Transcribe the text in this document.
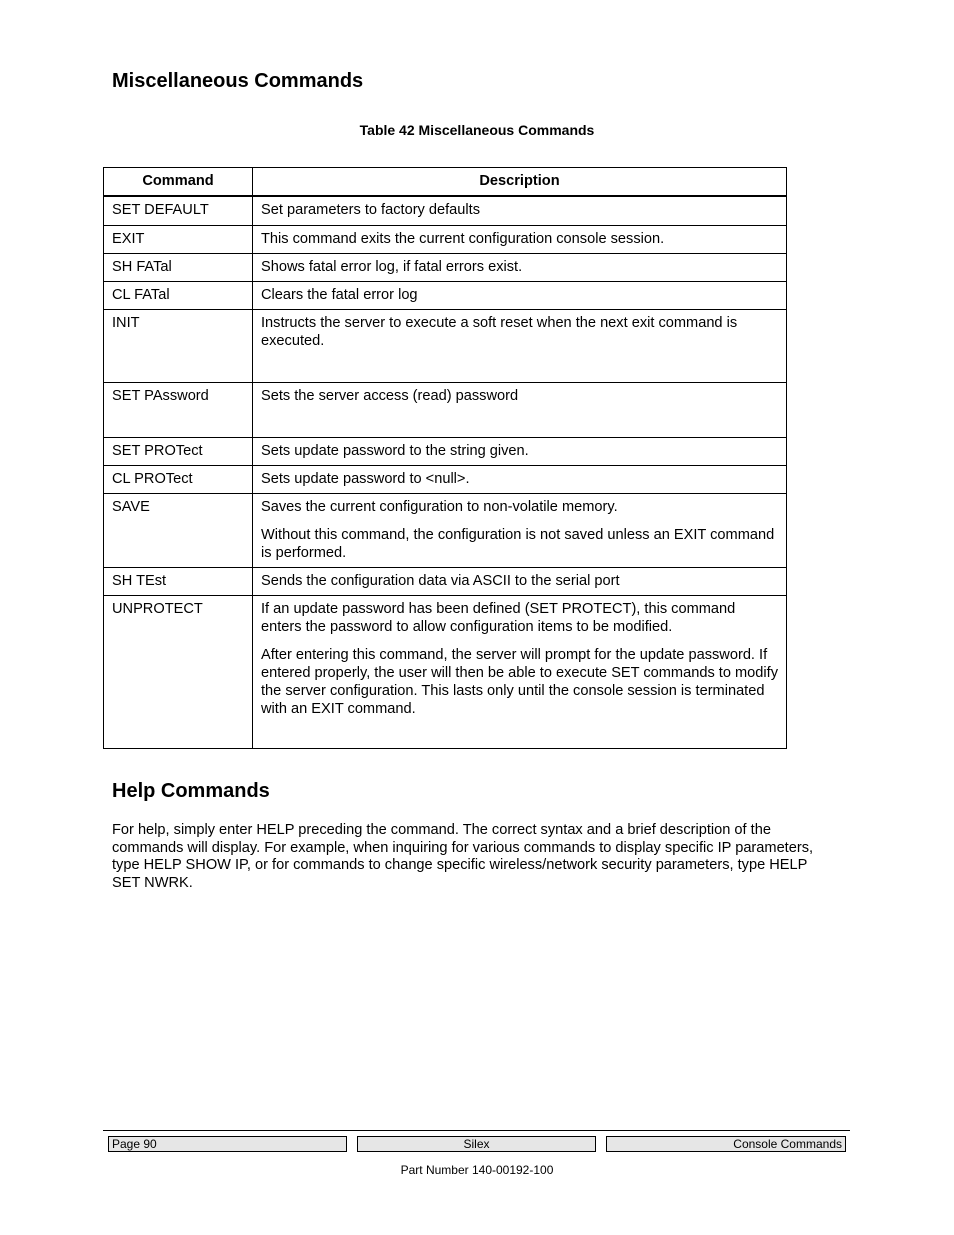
Miscellaneous Commands
Table 42 Miscellaneous Commands
Command	Description
SET DEFAULT	Set parameters to factory defaults

EXIT	This command exits the current configuration console session.

SH FATal	Shows fatal error log, if fatal errors exist.

CL FATal	Clears the fatal error log

INIT	Instructs the server to execute a soft reset when the next exit command is executed.

SET PAssword	Sets the server access (read) password

SET PROTect	Sets update password to the string given.

CL PROTect	Sets update password to <null>.

SAVE	Saves the current configuration to non-volatile memory.

Without this command, the configuration is not saved unless an EXIT command is performed.

SH TEst	Sends the configuration data via ASCII to the serial port

UNPROTECT	If an update password has been defined (SET PROTECT), this command enters the password to allow configuration items to be modified.

After entering this command, the server will prompt for the update password. If entered properly, the user will then be able to execute SET commands to modify the server configuration. This lasts only until the console session is terminated with an EXIT command.

Help Commands

For help, simply enter HELP preceding the command. The correct syntax and a brief description of the commands will display. For example, when inquiring for various commands to display specific IP parameters, type HELP SHOW IP, or for commands to change specific wireless/network security parameters, type HELP SET NWRK.

Page 90	Silex	Console Commands
Part Number 140-00192-100
